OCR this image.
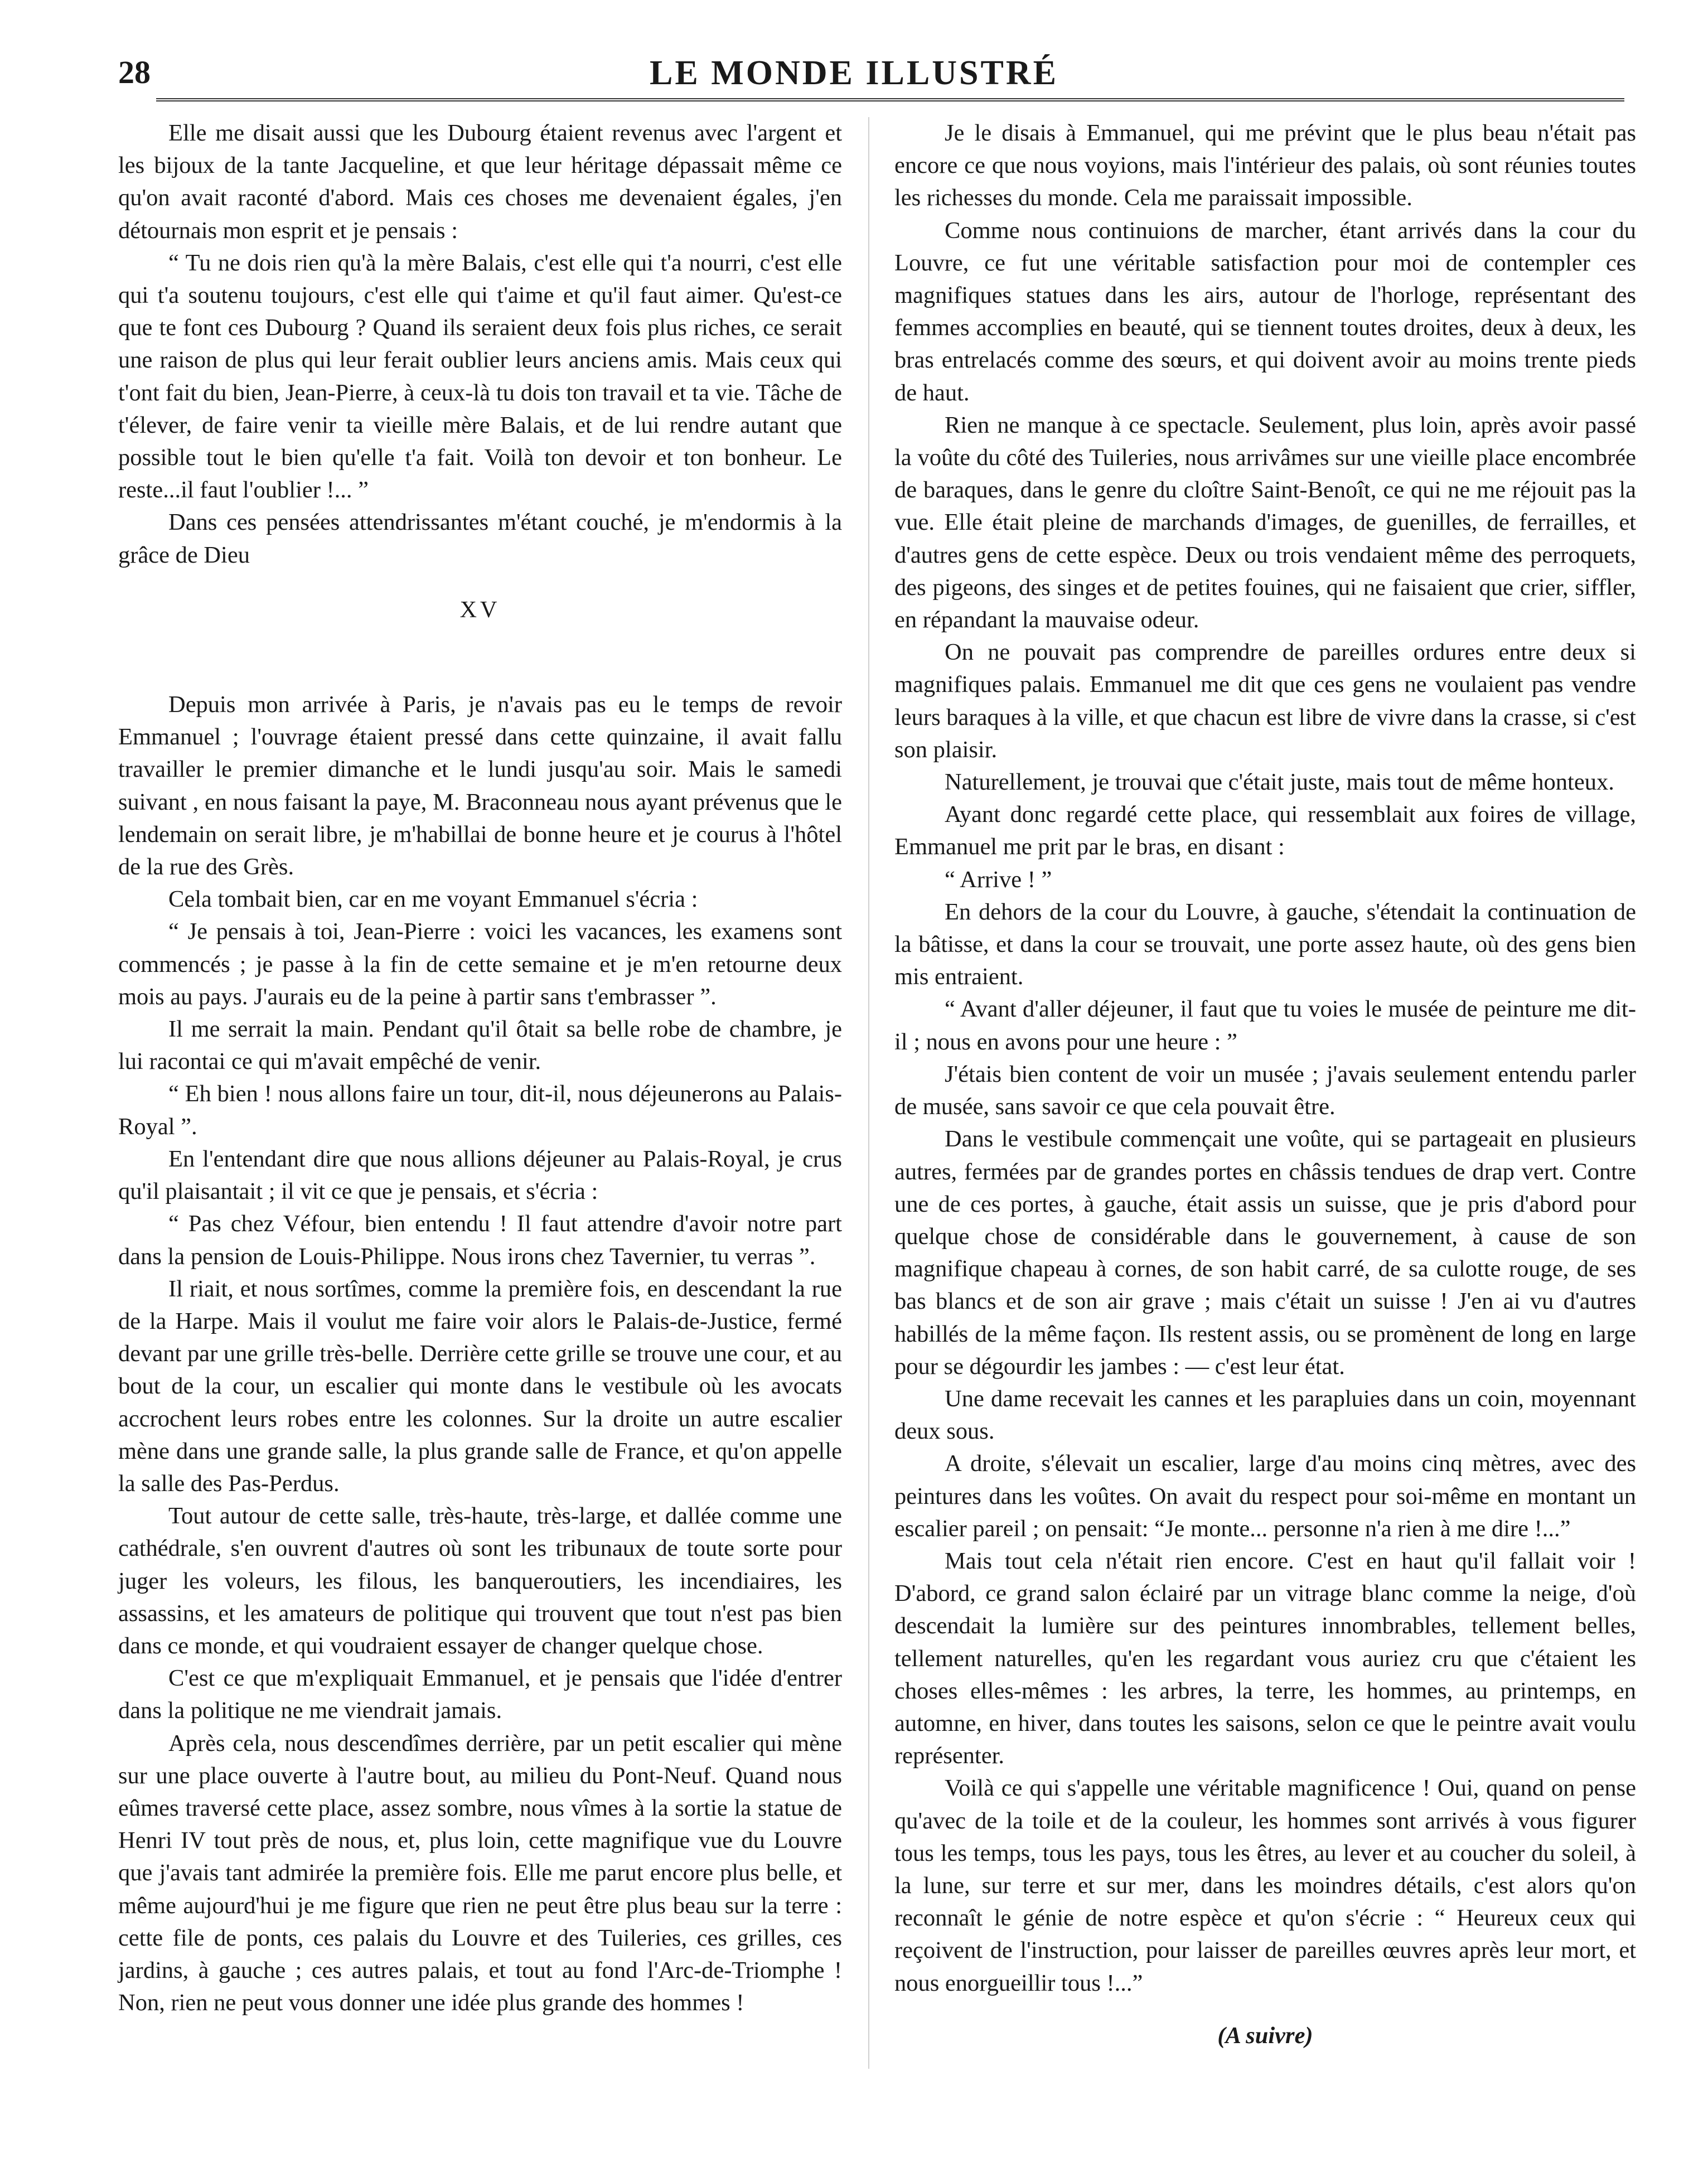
28	LE MONDE ILLUSTRÉ

Elle me disait aussi que les Dubourg étaient revenus avec l'argent et les bijoux de la tante Jacqueline, et que leur héritage dépassait même ce qu'on avait raconté d'abord. Mais ces choses me devenaient égales, j'en détournais mon esprit et je pensais :

“ Tu ne dois rien qu'à la mère Balais, c'est elle qui t'a nourri, c'est elle qui t'a soutenu toujours, c'est elle qui t'aime et qu'il faut aimer. Qu'est-ce que te font ces Dubourg ? Quand ils seraient deux fois plus riches, ce serait une raison de plus qui leur ferait oublier leurs anciens amis. Mais ceux qui t'ont fait du bien, Jean-Pierre, à ceux-là tu dois ton travail et ta vie. Tâche de t'élever, de faire venir ta vieille mère Balais, et de lui rendre autant que possible tout le bien qu'elle t'a fait. Voilà ton devoir et ton bonheur. Le reste...il faut l'oublier !... ”

Dans ces pensées attendrissantes m'étant couché, je m'endormis à la grâce de Dieu

XV

Depuis mon arrivée à Paris, je n'avais pas eu le temps de revoir Emmanuel ; l'ouvrage étaient pressé dans cette quinzaine, il avait fallu travailler le premier dimanche et le lundi jusqu'au soir. Mais le samedi suivant , en nous faisant la paye, M. Braconneau nous ayant prévenus que le lendemain on serait libre, je m'habillai de bonne heure et je courus à l'hôtel de la rue des Grès.

Cela tombait bien, car en me voyant Emmanuel s'écria :

“ Je pensais à toi, Jean-Pierre : voici les vacances, les examens sont commencés ; je passe à la fin de cette semaine et je m'en retourne deux mois au pays. J'aurais eu de la peine à partir sans t'embrasser ”.

Il me serrait la main. Pendant qu'il ôtait sa belle robe de chambre, je lui racontai ce qui m'avait empêché de venir.

“ Eh bien ! nous allons faire un tour, dit-il, nous déjeunerons au Palais-Royal ”.

En l'entendant dire que nous allions déjeuner au Palais-Royal, je crus qu'il plaisantait ; il vit ce que je pensais, et s'écria :

“ Pas chez Véfour, bien entendu ! Il faut attendre d'avoir notre part dans la pension de Louis-Philippe. Nous irons chez Tavernier, tu verras ”.

Il riait, et nous sortîmes, comme la première fois, en descendant la rue de la Harpe. Mais il voulut me faire voir alors le Palais-de-Justice, fermé devant par une grille très-belle. Derrière cette grille se trouve une cour, et au bout de la cour, un escalier qui monte dans le vestibule où les avocats accrochent leurs robes entre les colonnes. Sur la droite un autre escalier mène dans une grande salle, la plus grande salle de France, et qu'on appelle la salle des Pas-Perdus.

Tout autour de cette salle, très-haute, très-large, et dallée comme une cathédrale, s'en ouvrent d'autres où sont les tribunaux de toute sorte pour juger les voleurs, les filous, les banqueroutiers, les incendiaires, les assassins, et les amateurs de politique qui trouvent que tout n'est pas bien dans ce monde, et qui voudraient essayer de changer quelque chose.

C'est ce que m'expliquait Emmanuel, et je pensais que l'idée d'entrer dans la politique ne me viendrait jamais.

Après cela, nous descendîmes derrière, par un petit escalier qui mène sur une place ouverte à l'autre bout, au milieu du Pont-Neuf. Quand nous eûmes traversé cette place, assez sombre, nous vîmes à la sortie la statue de Henri IV tout près de nous, et, plus loin, cette magnifique vue du Louvre que j'avais tant admirée la première fois. Elle me parut encore plus belle, et même aujourd'hui je me figure que rien ne peut être plus beau sur la terre : cette file de ponts, ces palais du Louvre et des Tuileries, ces grilles, ces jardins, à gauche ; ces autres palais, et tout au fond l'Arc-de-Triomphe ! Non, rien ne peut vous donner une idée plus grande des hommes !

Je le disais à Emmanuel, qui me prévint que le plus beau n'était pas encore ce que nous voyions, mais l'intérieur des palais, où sont réunies toutes les richesses du monde. Cela me paraissait impossible.

Comme nous continuions de marcher, étant arrivés dans la cour du Louvre, ce fut une véritable satisfaction pour moi de contempler ces magnifiques statues dans les airs, autour de l'horloge, représentant des femmes accomplies en beauté, qui se tiennent toutes droites, deux à deux, les bras entrelacés comme des sœurs, et qui doivent avoir au moins trente pieds de haut.

Rien ne manque à ce spectacle. Seulement, plus loin, après avoir passé la voûte du côté des Tuileries, nous arrivâmes sur une vieille place encombrée de baraques, dans le genre du cloître Saint-Benoît, ce qui ne me réjouit pas la vue. Elle était pleine de marchands d'images, de guenilles, de ferrailles, et d'autres gens de cette espèce. Deux ou trois vendaient même des perroquets, des pigeons, des singes et de petites fouines, qui ne faisaient que crier, siffler, en répandant la mauvaise odeur.

On ne pouvait pas comprendre de pareilles ordures entre deux si magnifiques palais. Emmanuel me dit que ces gens ne voulaient pas vendre leurs baraques à la ville, et que chacun est libre de vivre dans la crasse, si c'est son plaisir.

Naturellement, je trouvai que c'était juste, mais tout de même honteux.

Ayant donc regardé cette place, qui ressemblait aux foires de village, Emmanuel me prit par le bras, en disant :

“ Arrive ! ”

En dehors de la cour du Louvre, à gauche, s'étendait la continuation de la bâtisse, et dans la cour se trouvait, une porte assez haute, où des gens bien mis entraient.

“ Avant d'aller déjeuner, il faut que tu voies le musée de peinture me dit-il ; nous en avons pour une heure : ”

J'étais bien content de voir un musée ; j'avais seulement entendu parler de musée, sans savoir ce que cela pouvait être.

Dans le vestibule commençait une voûte, qui se partageait en plusieurs autres, fermées par de grandes portes en châssis tendues de drap vert. Contre une de ces portes, à gauche, était assis un suisse, que je pris d'abord pour quelque chose de considérable dans le gouvernement, à cause de son magnifique chapeau à cornes, de son habit carré, de sa culotte rouge, de ses bas blancs et de son air grave ; mais c'était un suisse ! J'en ai vu d'autres habillés de la même façon. Ils restent assis, ou se promènent de long en large pour se dégourdir les jambes : — c'est leur état.

Une dame recevait les cannes et les parapluies dans un coin, moyennant deux sous.

A droite, s'élevait un escalier, large d'au moins cinq mètres, avec des peintures dans les voûtes. On avait du respect pour soi-même en montant un escalier pareil ; on pensait: “Je monte... personne n'a rien à me dire !...”

Mais tout cela n'était rien encore. C'est en haut qu'il fallait voir ! D'abord, ce grand salon éclairé par un vitrage blanc comme la neige, d'où descendait la lumière sur des peintures innombrables, tellement belles, tellement naturelles, qu'en les regardant vous auriez cru que c'étaient les choses elles-mêmes : les arbres, la terre, les hommes, au printemps, en automne, en hiver, dans toutes les saisons, selon ce que le peintre avait voulu représenter.

Voilà ce qui s'appelle une véritable magnificence ! Oui, quand on pense qu'avec de la toile et de la couleur, les hommes sont arrivés à vous figurer tous les temps, tous les pays, tous les êtres, au lever et au coucher du soleil, à la lune, sur terre et sur mer, dans les moindres détails, c'est alors qu'on reconnaît le génie de notre espèce et qu'on s'écrie : “ Heureux ceux qui reçoivent de l'instruction, pour laisser de pareilles œuvres après leur mort, et nous enorgueillir tous !...”

(A suivre)
